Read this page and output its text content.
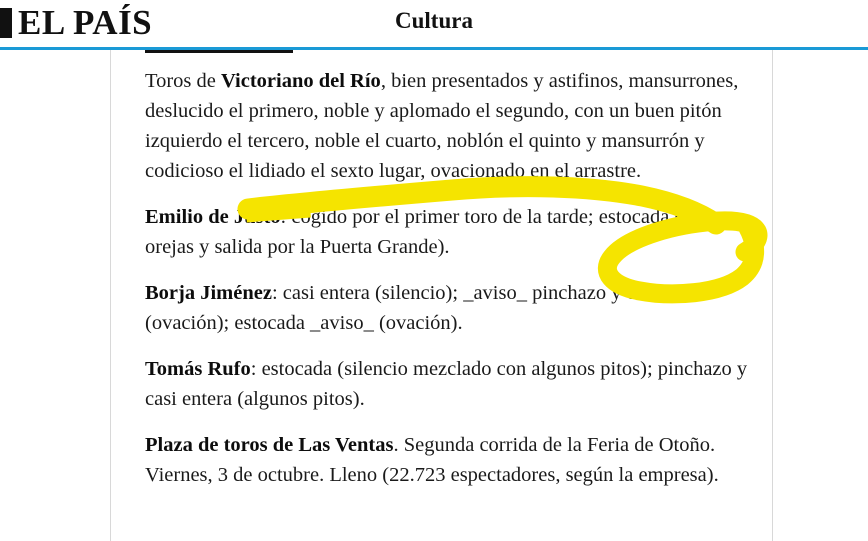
EL PAÍS	Cultura

Toros de Victoriano del Río, bien presentados y astifinos, mansurrones, deslucido el primero, noble y aplomado el segundo, con un buen pitón izquierdo el tercero, noble el cuarto, noblón el quinto y mansurrón y codicioso el lidiado el sexto lugar, ovacionado en el arrastre.

Emilio de Justo: cogido por el primer toro de la tarde; estocada (dos orejas y salida por la Puerta Grande).

Borja Jiménez: casi entera (silencio); _aviso_ pinchazo y estocada (ovación); estocada _aviso_ (ovación).

Tomás Rufo: estocada (silencio mezclado con algunos pitos); pinchazo y casi entera (algunos pitos).

Plaza de toros de Las Ventas. Segunda corrida de la Feria de Otoño. Viernes, 3 de octubre. Lleno (22.723 espectadores, según la empresa).
